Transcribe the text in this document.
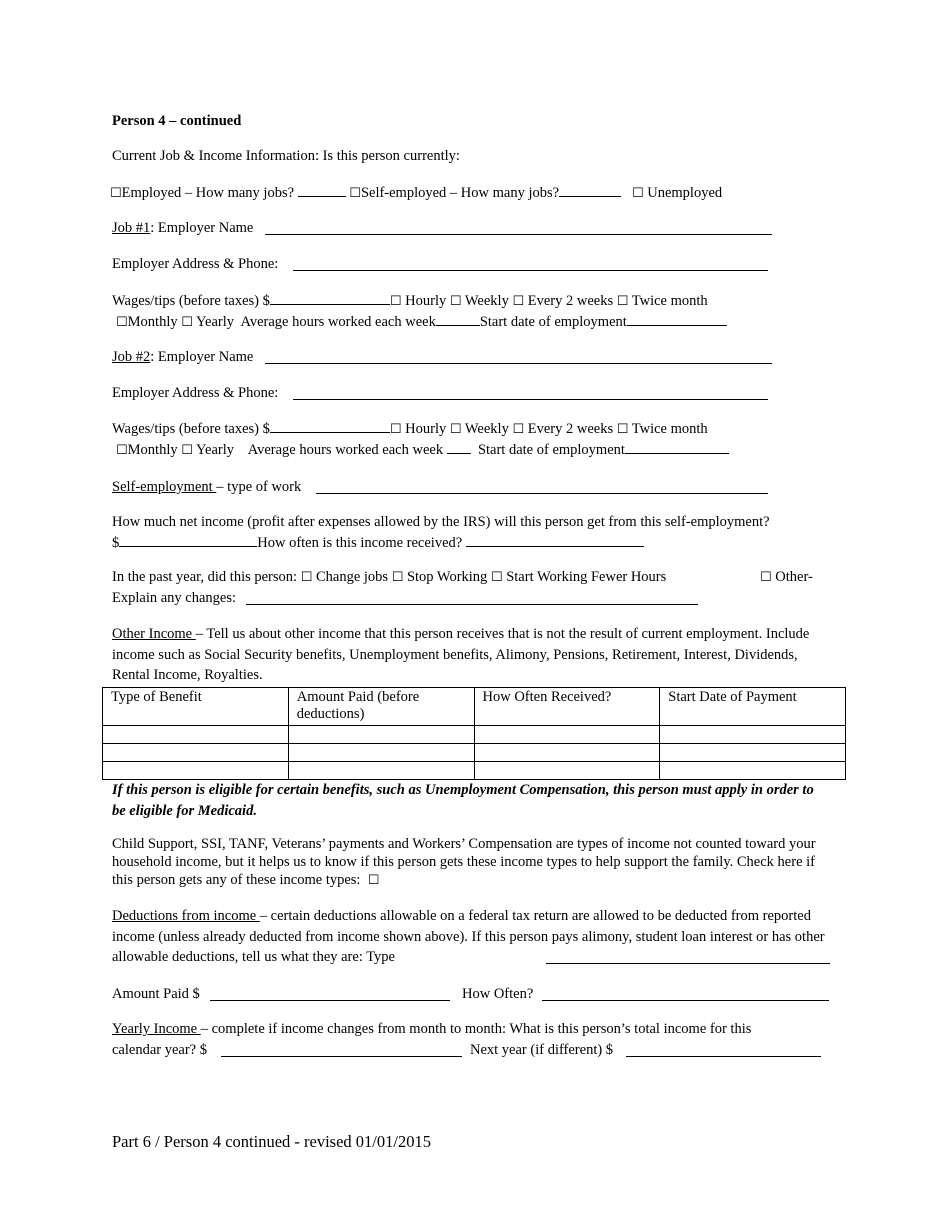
Person 4 – continued
Current Job & Income Information: Is this person currently:
☐Employed – How many jobs?	☐Self-employed – How many jobs?	☐ Unemployed
Job #1: Employer Name
Employer Address & Phone:
Wages/tips (before taxes) $	☐ Hourly ☐ Weekly ☐ Every 2 weeks ☐ Twice month
☐Monthly ☐ Yearly Average hours worked each week	Start date of employment
Job #2: Employer Name
Employer Address & Phone:
Wages/tips (before taxes) $	☐ Hourly ☐ Weekly ☐ Every 2 weeks ☐ Twice month
☐Monthly ☐ Yearly Average hours worked each week Start date of employment
Self-employment – type of work
How much net income (profit after expenses allowed by the IRS) will this person get from this self-employment?
$	How often is this income received?
In the past year, did this person: ☐ Change jobs ☐ Stop Working ☐ Start Working Fewer Hours	☐ Other-
Explain any changes:
Other Income – Tell us about other income that this person receives that is not the result of current employment. Include income such as Social Security benefits, Unemployment benefits, Alimony, Pensions, Retirement, Interest, Dividends, Rental Income, Royalties.
Type of Benefit	Amount Paid (before deductions)	How Often Received?	Start Date of Payment

If this person is eligible for certain benefits, such as Unemployment Compensation, this person must apply in order to be eligible for Medicaid.
Child Support, SSI, TANF, Veterans’ payments and Workers’ Compensation are types of income not counted toward your household income, but it helps us to know if this person gets these income types to help support the family. Check here if this person gets any of these income types: ☐
Deductions from income – certain deductions allowable on a federal tax return are allowed to be deducted from reported income (unless already deducted from income shown above). If this person pays alimony, student loan interest or has other allowable deductions, tell us what they are: Type
Amount Paid $	How Often?
Yearly Income – complete if income changes from month to month: What is this person’s total income for this
calendar year? $	Next year (if different) $
Part 6 / Person 4 continued - revised 01/01/2015
